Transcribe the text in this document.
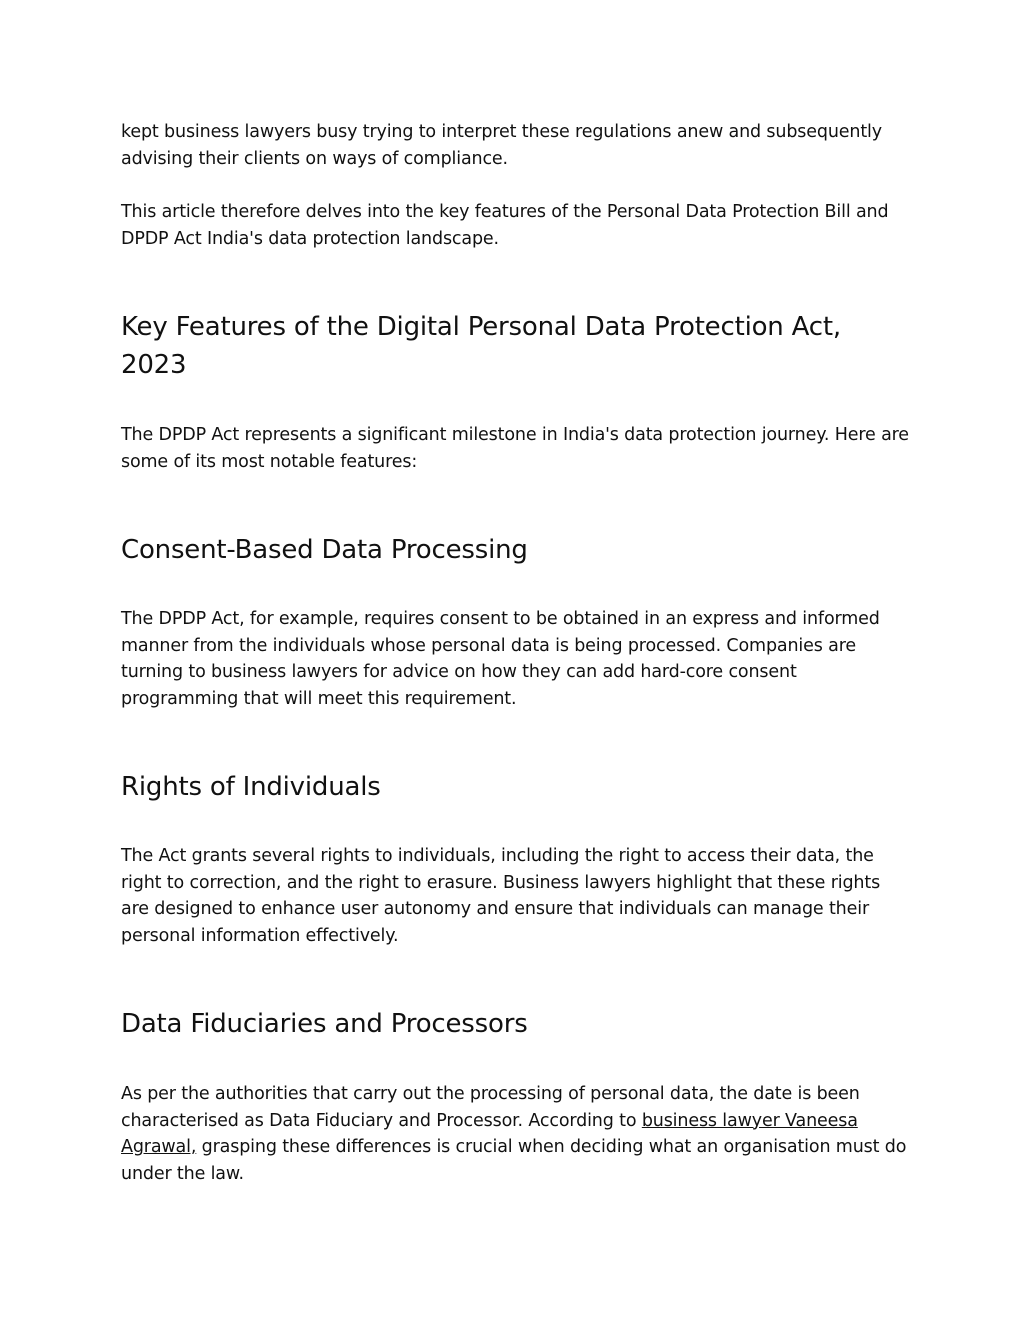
kept business lawyers busy trying to interpret these regulations anew and subsequently advising their clients on ways of compliance.

This article therefore delves into the key features of the Personal Data Protection Bill and DPDP Act India's data protection landscape.

Key Features of the Digital Personal Data Protection Act, 2023

The DPDP Act represents a significant milestone in India's data protection journey. Here are some of its most notable features:

Consent-Based Data Processing

The DPDP Act, for example, requires consent to be obtained in an express and informed manner from the individuals whose personal data is being processed. Companies are turning to business lawyers for advice on how they can add hard-core consent programming that will meet this requirement.

Rights of Individuals

The Act grants several rights to individuals, including the right to access their data, the right to correction, and the right to erasure. Business lawyers highlight that these rights are designed to enhance user autonomy and ensure that individuals can manage their personal information effectively.

Data Fiduciaries and Processors

As per the authorities that carry out the processing of personal data, the date is been characterised as Data Fiduciary and Processor. According to business lawyer Vaneesa Agrawal, grasping these differences is crucial when deciding what an organisation must do under the law.
